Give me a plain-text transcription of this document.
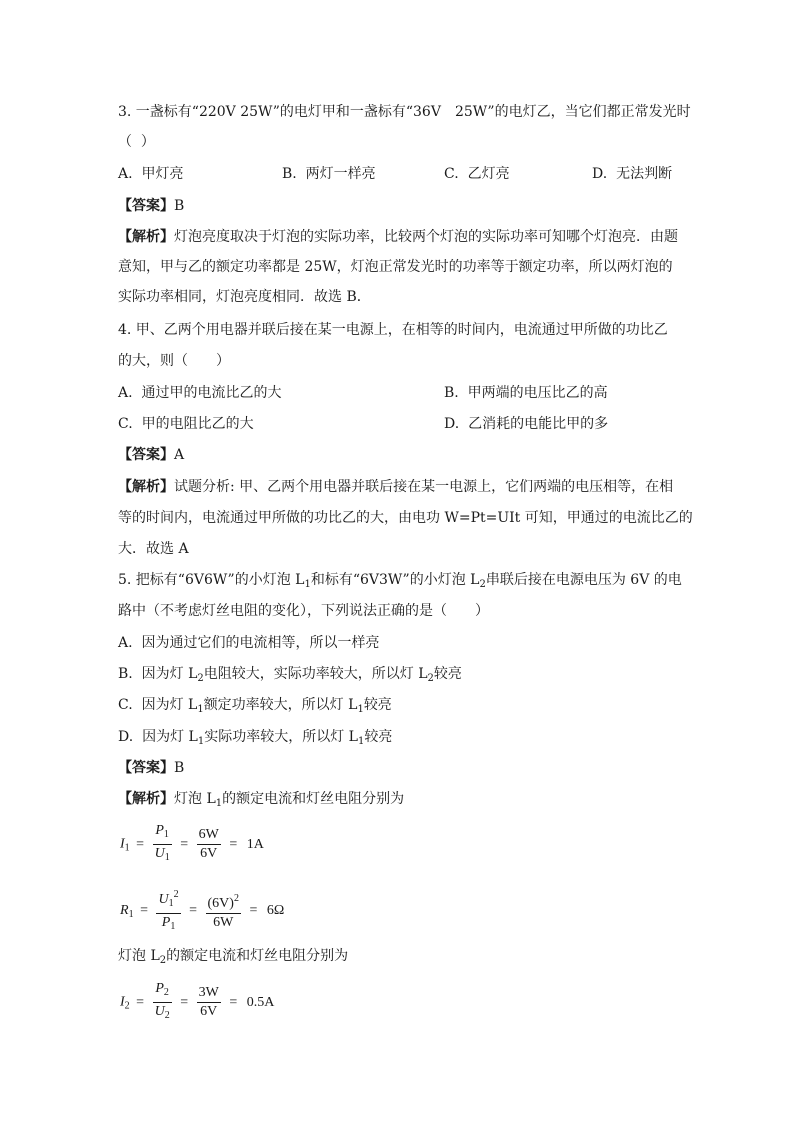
3. 一盏标有“220V 25W”的电灯甲和一盏标有“36V　25W”的电灯乙，当它们都正常发光时
（  ）
A.  甲灯亮	B.  两灯一样亮	C.  乙灯亮	D.  无法判断
【答案】B
【解析】灯泡亮度取决于灯泡的实际功率，比较两个灯泡的实际功率可知哪个灯泡亮．由题
意知，甲与乙的额定功率都是 25W，灯泡正常发光时的功率等于额定功率，所以两灯泡的
实际功率相同，灯泡亮度相同．故选 B．
4. 甲、乙两个用电器并联后接在某一电源上，在相等的时间内，电流通过甲所做的功比乙
的大，则（　　）
A.  通过甲的电流比乙的大	B.  甲两端的电压比乙的高
C.  甲的电阻比乙的大	D.  乙消耗的电能比甲的多
【答案】A
【解析】试题分析: 甲、乙两个用电器并联后接在某一电源上，它们两端的电压相等，在相
等的时间内，电流通过甲所做的功比乙的大，由电功 W=Pt=UIt 可知，甲通过的电流比乙的
大．故选 A
5. 把标有“6V6W”的小灯泡 $L_1$和标有“6V3W”的小灯泡 $L_2$串联后接在电源电压为 6V 的电
路中（不考虑灯丝电阻的变化），下列说法正确的是（　　）
A.  因为通过它们的电流相等，所以一样亮
B.  因为灯 $L_2$电阻较大，实际功率较大，所以灯 $L_2$较亮
C.  因为灯 $L_1$额定功率较大，所以灯 $L_1$较亮
D.  因为灯 $L_1$实际功率较大，所以灯 $L_1$较亮
【答案】B
【解析】灯泡 $L_1$的额定电流和灯丝电阻分别为
$I_1 = \frac{P_1}{U_1} = \frac{6W}{6V} = 1A$
$R_1 = \frac{U_1^2}{P_1} = \frac{(6V)^2}{6W} = 6\Omega$
灯泡 $L_2$的额定电流和灯丝电阻分别为
$I_2 = \frac{P_2}{U_2} = \frac{3W}{6V} = 0.5A$
